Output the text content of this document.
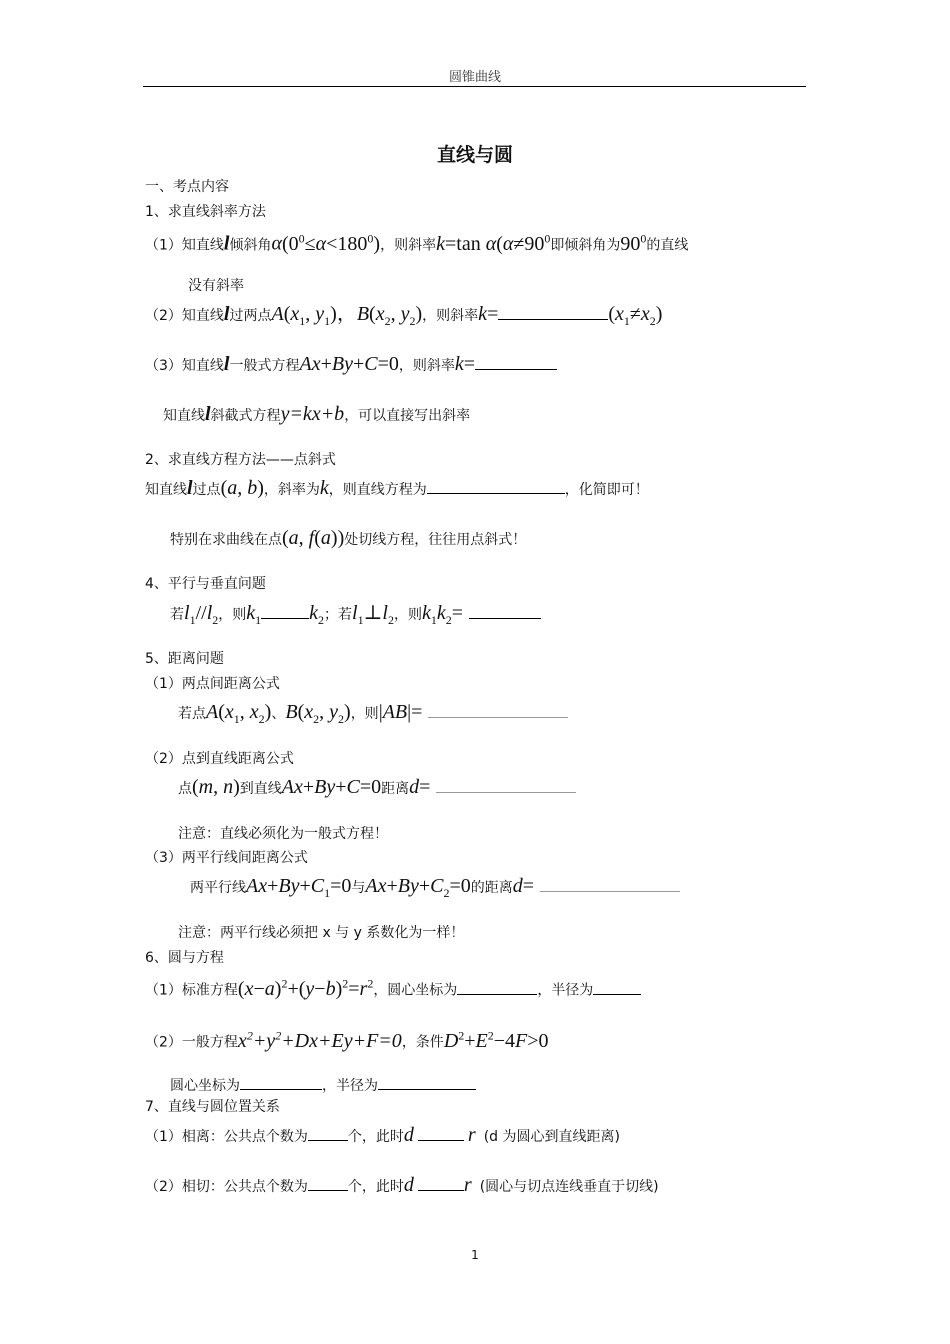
圆锥曲线
直线与圆
一、考点内容
1、求直线斜率方法
（1）知直线l倾斜角$\alpha(0^0\le\alpha<180^0)$，则斜率k=tan $\alpha(\alpha\ne 90^0$即倾斜角为$90^0$的直线
没有斜率
（2）知直线l过两点$A(x_1$, $y_1$)，$B(x_2$, $y_2$)，则斜率k=	$(x_1\ne x_2)$
（3）知直线l一般式方程Ax+By+C=0，则斜率k=
知直线l斜截式方程y=kx+b，可以直接写出斜率
2、求直线方程方法——点斜式
知直线l过点(a, b)，斜率为k，则直线方程为	，化简即可！
特别在求曲线在点(a, f(a))处切线方程，往往用点斜式！
4、平行与垂直问题
若$l_1//l_2$，则$k_1$ $k_2$；若$l_1\perp l_2$，则$k_1k_2=$
5、距离问题
（1）两点间距离公式
若点$A(x_1$, $x_2$)、$B(x_2$, $y_2$)，则|AB|=
（2）点到直线距离公式
点(m, n)到直线Ax+By+C=0距离d=
注意：直线必须化为一般式方程！
（3）两平行线间距离公式
两平行线$Ax+By+C_1=0$与$Ax+By+C_2=0$的距离d=
注意：两平行线必须把 x 与 y 系数化为一样！
6、圆与方程
（1）标准方程$(x-a)^2+(y-b)^2=r^2$，圆心坐标为	，半径为
（2）一般方程$x^2+y^2+Dx+Ey+F=0$，条件$D^2+E^2-4F>0$
圆心坐标为	，半径为
7、直线与圆位置关系
（1）相离：公共点个数为	个，此时d	r (d 为圆心到直线距离)
（2）相切：公共点个数为	个，此时d	r (圆心与切点连线垂直于切线)
1
